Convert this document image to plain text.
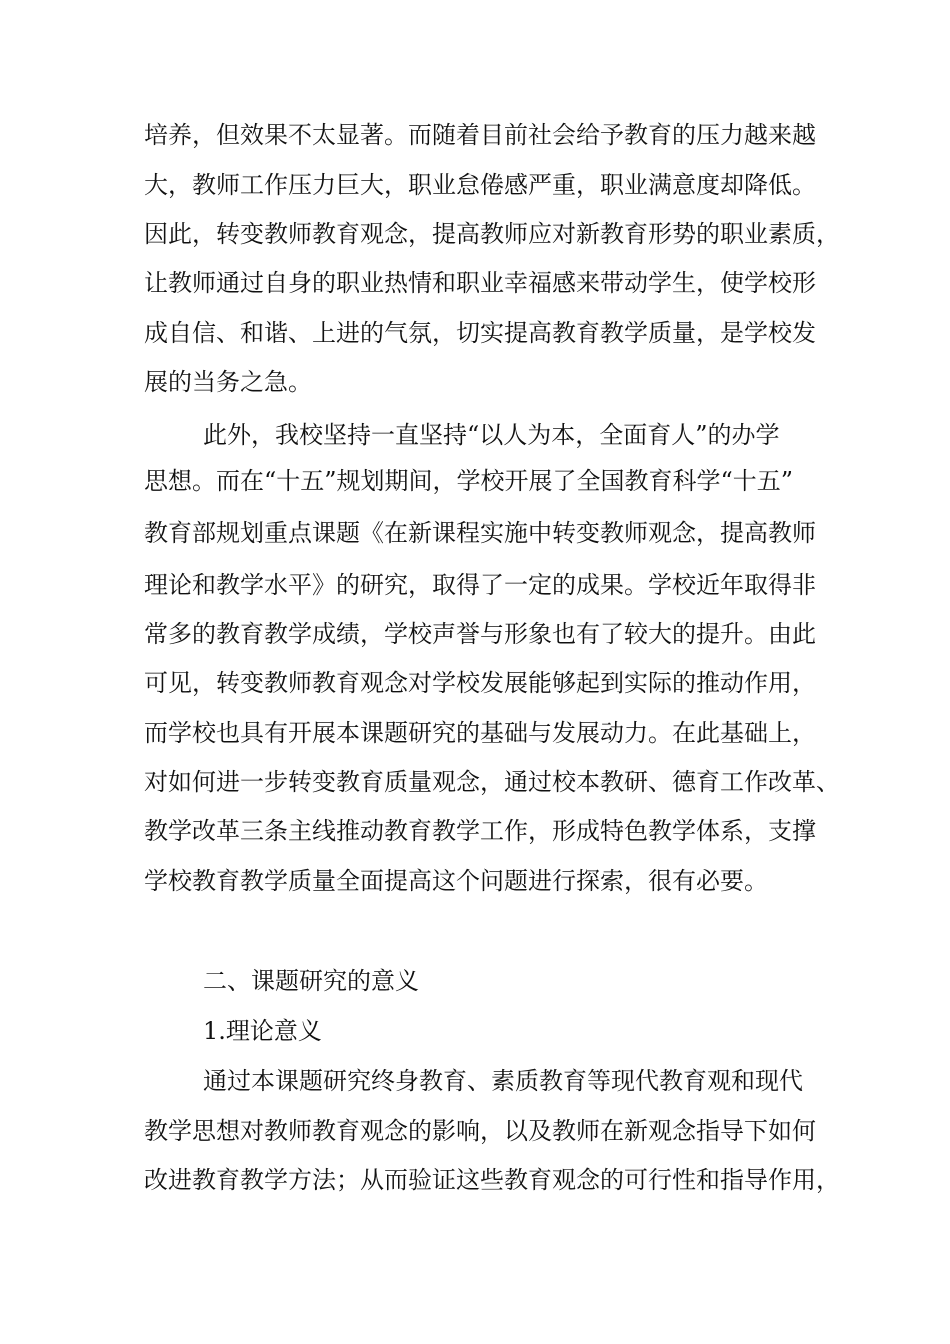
培养，但效果不太显著。而随着目前社会给予教育的压力越来越

大，教师工作压力巨大，职业怠倦感严重，职业满意度却降低。

因此，转变教师教育观念，提高教师应对新教育形势的职业素质，

让教师通过自身的职业热情和职业幸福感来带动学生，使学校形

成自信、和谐、上进的气氛，切实提高教育教学质量，是学校发

展的当务之急。

此外，我校坚持一直坚持“以人为本，全面育人”的办学

思想。而在“十五”规划期间，学校开展了全国教育科学“十五”

教育部规划重点课题《在新课程实施中转变教师观念，提高教师

理论和教学水平》的研究，取得了一定的成果。学校近年取得非

常多的教育教学成绩，学校声誉与形象也有了较大的提升。由此

可见，转变教师教育观念对学校发展能够起到实际的推动作用，

而学校也具有开展本课题研究的基础与发展动力。在此基础上，

对如何进一步转变教育质量观念，通过校本教研、德育工作改革、

教学改革三条主线推动教育教学工作，形成特色教学体系，支撑

学校教育教学质量全面提高这个问题进行探索，很有必要。

二、课题研究的意义

1.理论意义

通过本课题研究终身教育、素质教育等现代教育观和现代

教学思想对教师教育观念的影响，以及教师在新观念指导下如何

改进教育教学方法；从而验证这些教育观念的可行性和指导作用，
